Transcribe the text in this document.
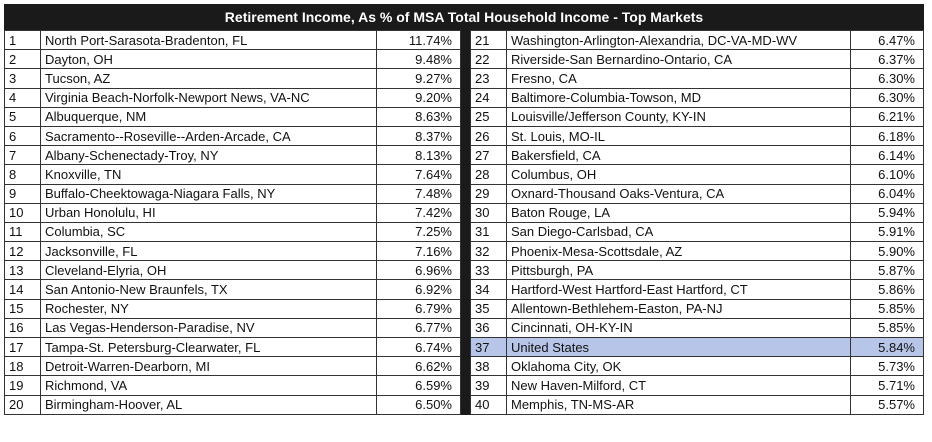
Retirement Income, As % of MSA Total Household Income - Top Markets
1	North Port-Sarasota-Bradenton, FL	11.74%
2	Dayton, OH	9.48%
3	Tucson, AZ	9.27%
4	Virginia Beach-Norfolk-Newport News, VA-NC	9.20%
5	Albuquerque, NM	8.63%
6	Sacramento--Roseville--Arden-Arcade, CA	8.37%
7	Albany-Schenectady-Troy, NY	8.13%
8	Knoxville, TN	7.64%
9	Buffalo-Cheektowaga-Niagara Falls, NY	7.48%
10	Urban Honolulu, HI	7.42%
11	Columbia, SC	7.25%
12	Jacksonville, FL	7.16%
13	Cleveland-Elyria, OH	6.96%
14	San Antonio-New Braunfels, TX	6.92%
15	Rochester, NY	6.79%
16	Las Vegas-Henderson-Paradise, NV	6.77%
17	Tampa-St. Petersburg-Clearwater, FL	6.74%
18	Detroit-Warren-Dearborn, MI	6.62%
19	Richmond, VA	6.59%
20	Birmingham-Hoover, AL	6.50%
21	Washington-Arlington-Alexandria, DC-VA-MD-WV	6.47%
22	Riverside-San Bernardino-Ontario, CA	6.37%
23	Fresno, CA	6.30%
24	Baltimore-Columbia-Towson, MD	6.30%
25	Louisville/Jefferson County, KY-IN	6.21%
26	St. Louis, MO-IL	6.18%
27	Bakersfield, CA	6.14%
28	Columbus, OH	6.10%
29	Oxnard-Thousand Oaks-Ventura, CA	6.04%
30	Baton Rouge, LA	5.94%
31	San Diego-Carlsbad, CA	5.91%
32	Phoenix-Mesa-Scottsdale, AZ	5.90%
33	Pittsburgh, PA	5.87%
34	Hartford-West Hartford-East Hartford, CT	5.86%
35	Allentown-Bethlehem-Easton, PA-NJ	5.85%
36	Cincinnati, OH-KY-IN	5.85%
37	United States	5.84%
38	Oklahoma City, OK	5.73%
39	New Haven-Milford, CT	5.71%
40	Memphis, TN-MS-AR	5.57%
